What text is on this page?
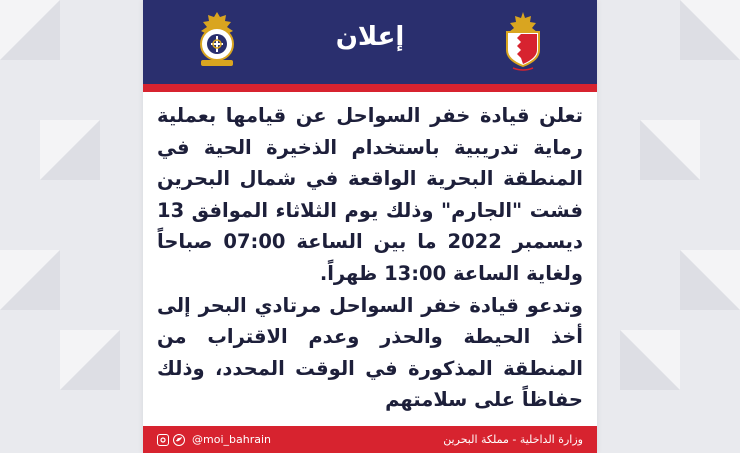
إعلان

تعلن قيادة خفر السواحل عن قيامها بعملية رماية تدريبية باستخدام الذخيرة الحية في المنطقة البحرية الواقعة في شمال البحرين فشت "الجارم" وذلك يوم الثلاثاء الموافق 13 ديسمبر 2022 ما بين الساعة 07:00 صباحاً ولغاية الساعة 13:00 ظهراً.

وتدعو قيادة خفر السواحل مرتادي البحر إلى أخذ الحيطة والحذر وعدم الاقتراب من المنطقة المذكورة في الوقت المحدد، وذلك حفاظاً على سلامتهم

@moi_bahrain	وزارة الداخلية - مملكة البحرين
